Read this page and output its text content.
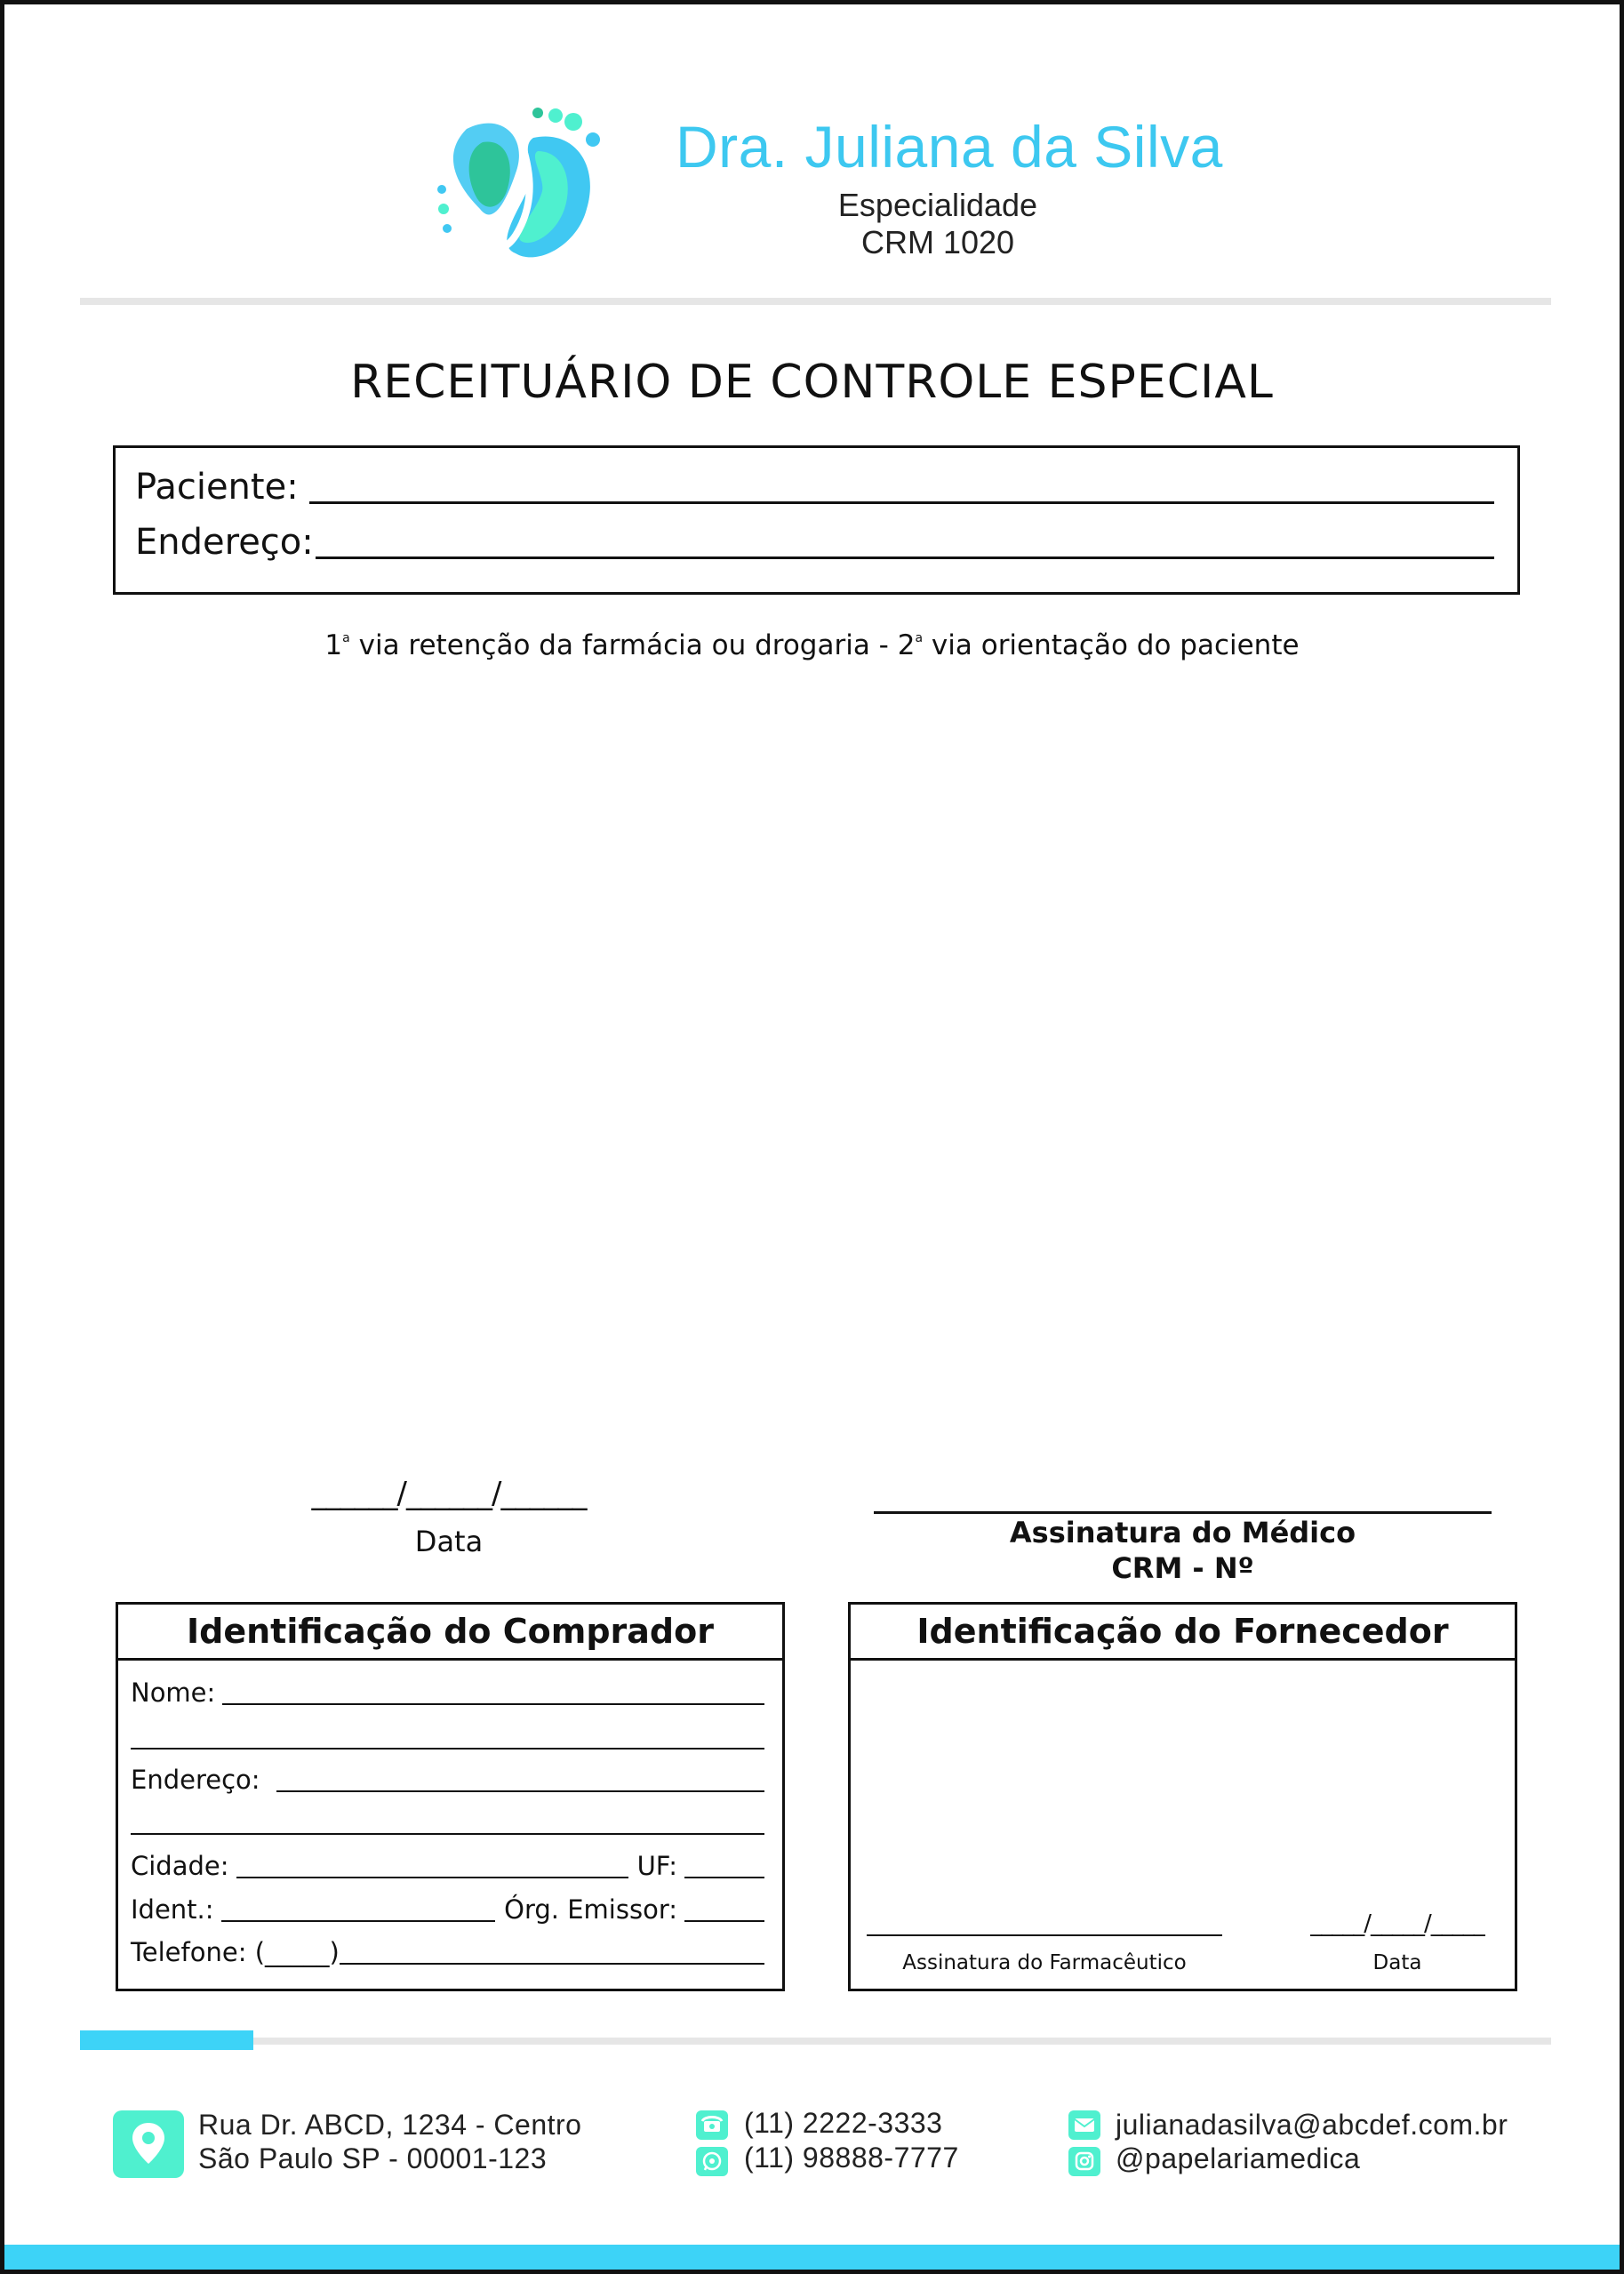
Dra. Juliana da Silva
Especialidade
CRM 1020
RECEITUÁRIO DE CONTROLE ESPECIAL
Paciente:
Endereço:
1$^a$ via retenção da farmácia ou drogaria - 2$^a$ via orientação do paciente
______/______/______
Data	Assinatura do Médico
CRM - Nº
Identificação do Comprador
Nome:
Endereço:
Cidade:	UF:
Ident.:	Órg. Emissor:
Telefone: (_____)
Identificação do Fornecedor
Assinatura do Farmacêutico
_____/_____/_____
Data
Rua Dr. ABCD, 1234 - Centro
São Paulo SP - 00001-123
(11) 2222-3333
(11) 98888-7777
julianadasilva@abcdef.com.br
@papelariamedica
